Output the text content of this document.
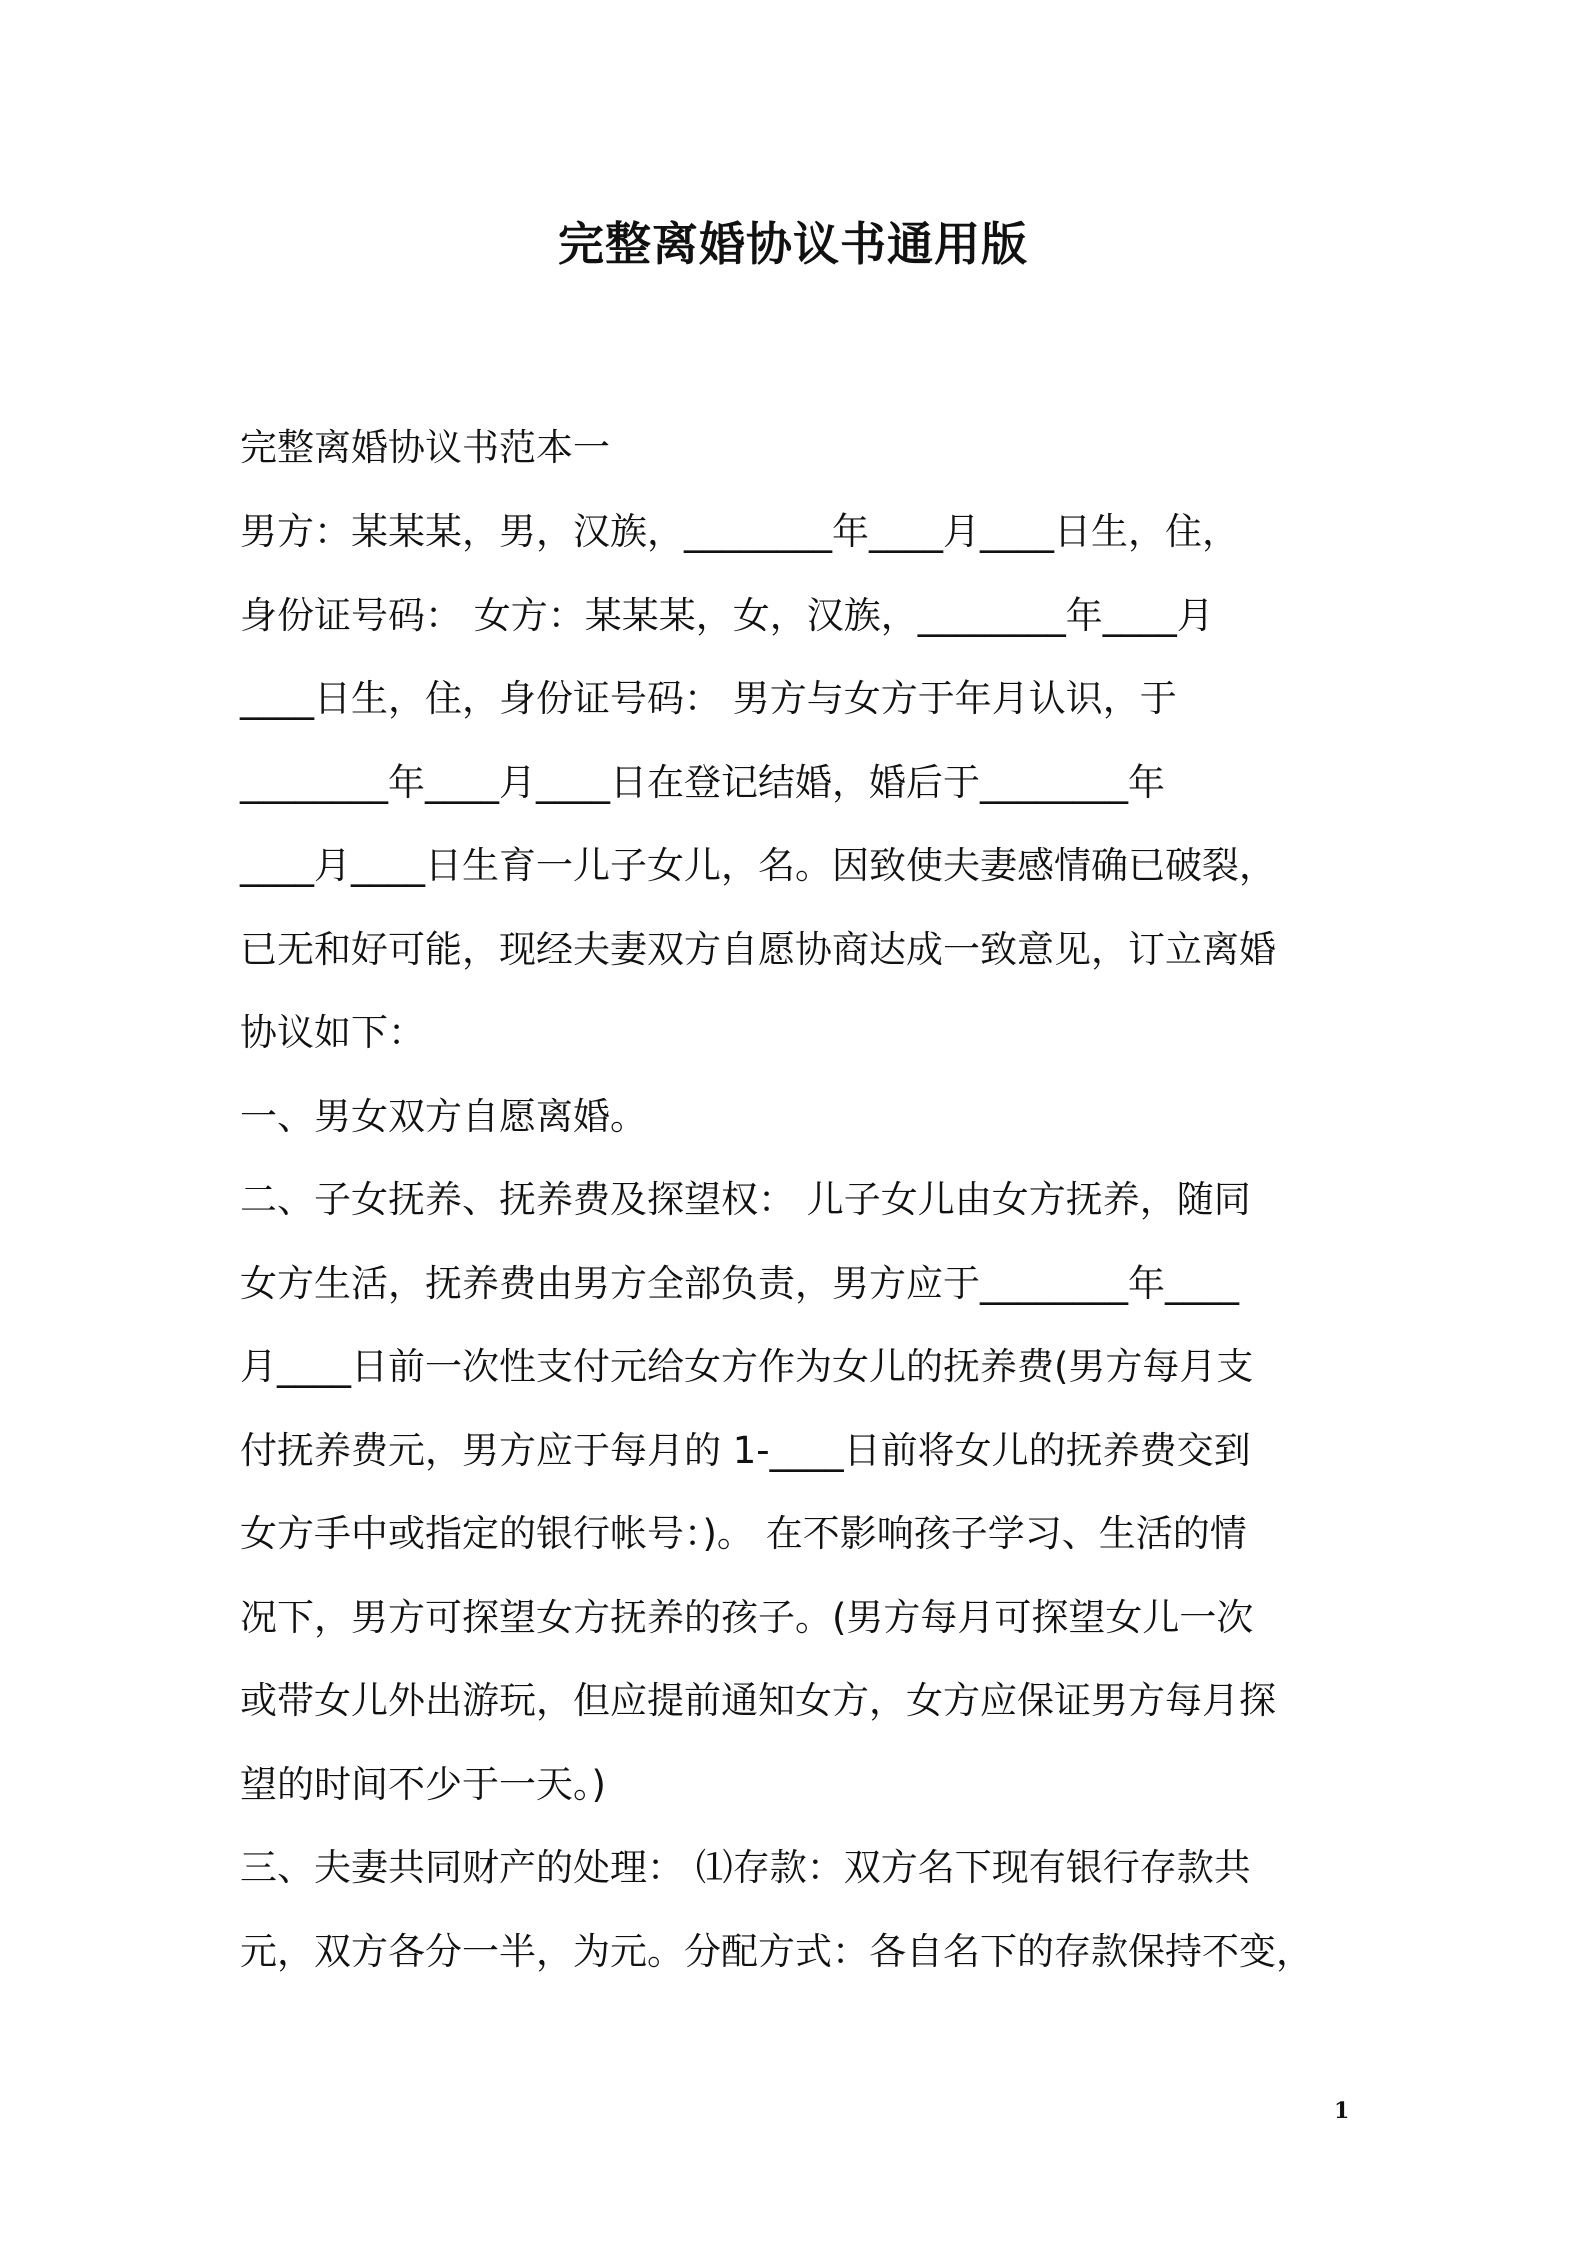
完整离婚协议书通用版

完整离婚协议书范本一

男方：某某某，男，汉族，________年____月____日生，住，
身份证号码： 女方：某某某，女，汉族，________年____月
____日生，住，身份证号码： 男方与女方于年月认识，于
________年____月____日在登记结婚，婚后于________年
____月____日生育一儿子女儿，名。因致使夫妻感情确已破裂，
已无和好可能，现经夫妻双方自愿协商达成一致意见，订立离婚
协议如下：

一、男女双方自愿离婚。

二、子女抚养、抚养费及探望权： 儿子女儿由女方抚养，随同
女方生活，抚养费由男方全部负责，男方应于________年____
月____日前一次性支付元给女方作为女儿的抚养费(男方每月支
付抚养费元，男方应于每月的 1-____日前将女儿的抚养费交到
女方手中或指定的银行帐号：)。 在不影响孩子学习、生活的情
况下，男方可探望女方抚养的孩子。(男方每月可探望女儿一次
或带女儿外出游玩，但应提前通知女方，女方应保证男方每月探
望的时间不少于一天。)

三、夫妻共同财产的处理： ⑴存款：双方名下现有银行存款共
元，双方各分一半，为元。分配方式：各自名下的存款保持不变，

1
